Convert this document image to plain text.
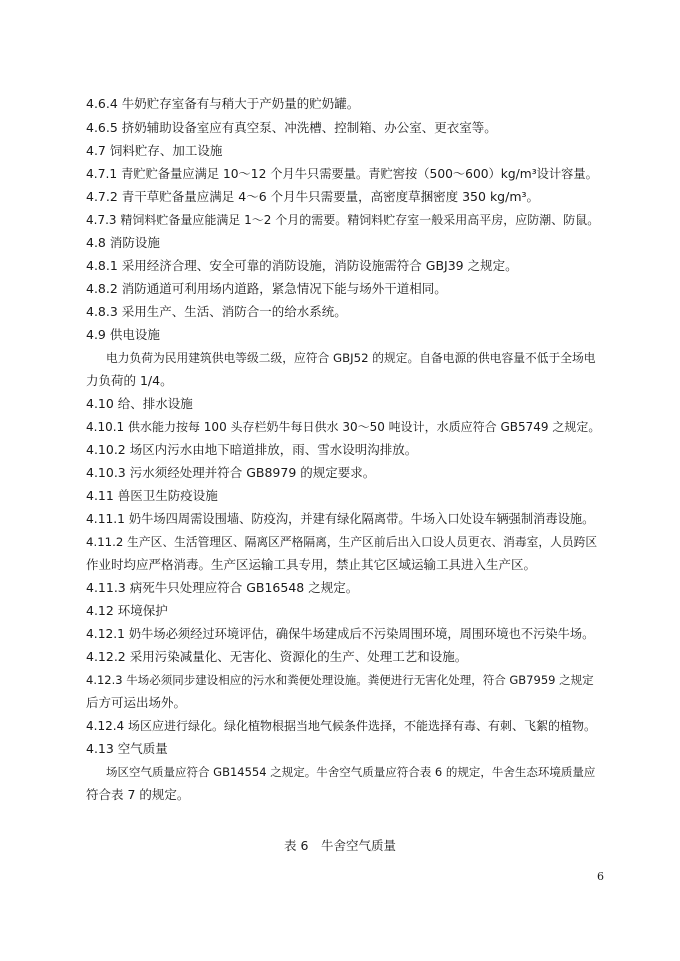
4.6.4 牛奶贮存室备有与稍大于产奶量的贮奶罐。
4.6.5 挤奶辅助设备室应有真空泵、冲洗槽、控制箱、办公室、更衣室等。
4.7 饲料贮存、加工设施
4.7.1 青贮贮备量应满足 10～12 个月牛只需要量。青贮窖按（500～600）kg/m³设计容量。
4.7.2 青干草贮备量应满足 4～6 个月牛只需要量，高密度草捆密度 350 kg/m³。
4.7.3 精饲料贮备量应能满足 1～2 个月的需要。精饲料贮存室一般采用高平房，应防潮、防鼠。
4.8 消防设施
4.8.1 采用经济合理、安全可靠的消防设施，消防设施需符合 GBJ39 之规定。
4.8.2 消防通道可利用场内道路，紧急情况下能与场外干道相同。
4.8.3 采用生产、生活、消防合一的给水系统。
4.9 供电设施
电力负荷为民用建筑供电等级二级，应符合 GBJ52 的规定。自备电源的供电容量不低于全场电
力负荷的 1/4。
4.10 给、排水设施
4.10.1 供水能力按每 100 头存栏奶牛每日供水 30～50 吨设计，水质应符合 GB5749 之规定。
4.10.2 场区内污水由地下暗道排放，雨、雪水设明沟排放。
4.10.3 污水须经处理并符合 GB8979 的规定要求。
4.11 兽医卫生防疫设施
4.11.1 奶牛场四周需设围墙、防疫沟，并建有绿化隔离带。牛场入口处设车辆强制消毒设施。
4.11.2 生产区、生活管理区、隔离区严格隔离，生产区前后出入口设人员更衣、消毒室，人员跨区
作业时均应严格消毒。生产区运输工具专用，禁止其它区域运输工具进入生产区。
4.11.3 病死牛只处理应符合 GB16548 之规定。
4.12 环境保护
4.12.1 奶牛场必须经过环境评估，确保牛场建成后不污染周围环境，周围环境也不污染牛场。
4.12.2 采用污染减量化、无害化、资源化的生产、处理工艺和设施。
4.12.3 牛场必须同步建设相应的污水和粪便处理设施。粪便进行无害化处理，符合 GB7959 之规定
后方可运出场外。
4.12.4 场区应进行绿化。绿化植物根据当地气候条件选择，不能选择有毒、有刺、飞絮的植物。
4.13 空气质量
场区空气质量应符合 GB14554 之规定。牛舍空气质量应符合表 6 的规定，牛舍生态环境质量应
符合表 7 的规定。
表 6　牛舍空气质量
6
